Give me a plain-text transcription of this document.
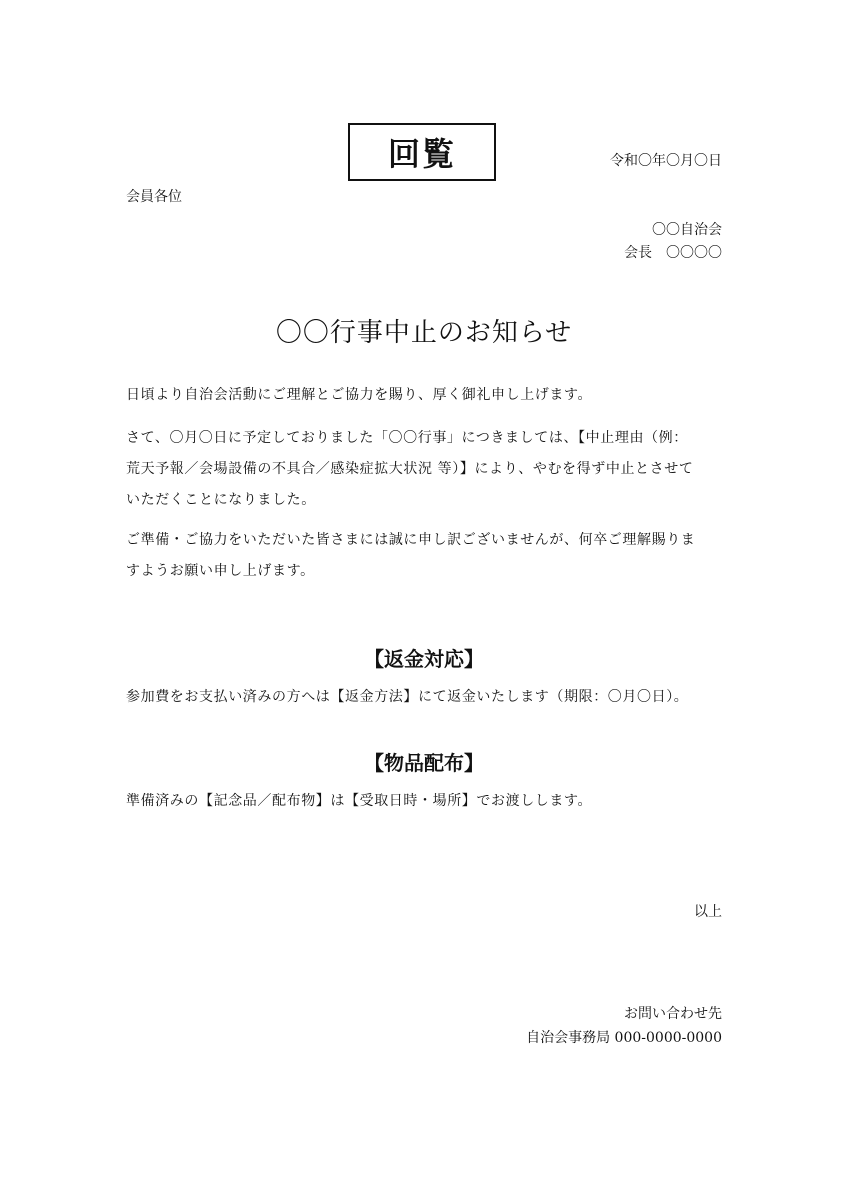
回覧	令和〇年〇月〇日
会員各位
〇〇自治会
会長　〇〇〇〇
〇〇行事中止のお知らせ
日頃より自治会活動にご理解とご協力を賜り、厚く御礼申し上げます。
さて、〇月〇日に予定しておりました「〇〇行事」につきましては、【中止理由（例：
荒天予報／会場設備の不具合／感染症拡大状況 等）】により、やむを得ず中止とさせて
いただくことになりました。
ご準備・ご協力をいただいた皆さまには誠に申し訳ございませんが、何卒ご理解賜りま
すようお願い申し上げます。
【返金対応】
参加費をお支払い済みの方へは【返金方法】にて返金いたします（期限：〇月〇日）。
【物品配布】
準備済みの【記念品／配布物】は【受取日時・場所】でお渡しします。
以上
お問い合わせ先
自治会事務局 000-0000-0000
